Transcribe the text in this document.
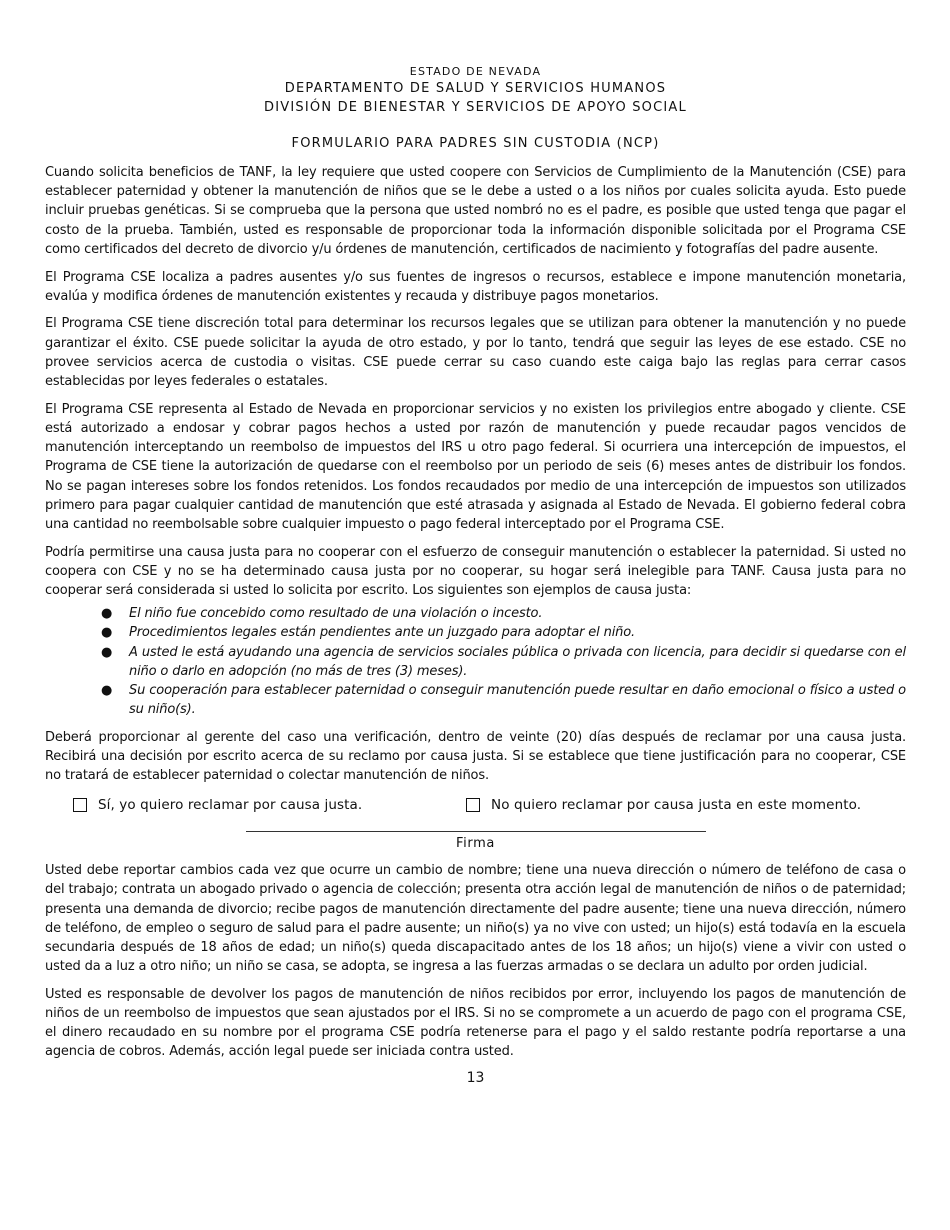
ESTADO DE NEVADA
DEPARTAMENTO DE SALUD Y SERVICIOS HUMANOS
DIVISIÓN DE BIENESTAR Y SERVICIOS DE APOYO SOCIAL
FORMULARIO PARA PADRES SIN CUSTODIA (NCP)

Cuando solicita beneficios de TANF, la ley requiere que usted coopere con Servicios de Cumplimiento de la Manutención (CSE) para establecer paternidad y obtener la manutención de niños que se le debe a usted o a los niños por cuales solicita ayuda. Esto puede incluir pruebas genéticas. Si se comprueba que la persona que usted nombró no es el padre, es posible que usted tenga que pagar el costo de la prueba. También, usted es responsable de proporcionar toda la información disponible solicitada por el Programa CSE como certificados del decreto de divorcio y/u órdenes de manutención, certificados de nacimiento y fotografías del padre ausente.

El Programa CSE localiza a padres ausentes y/o sus fuentes de ingresos o recursos, establece e impone manutención monetaria, evalúa y modifica órdenes de manutención existentes y recauda y distribuye pagos monetarios.

El Programa CSE tiene discreción total para determinar los recursos legales que se utilizan para obtener la manutención y no puede garantizar el éxito. CSE puede solicitar la ayuda de otro estado, y por lo tanto, tendrá que seguir las leyes de ese estado. CSE no provee servicios acerca de custodia o visitas. CSE puede cerrar su caso cuando este caiga bajo las reglas para cerrar casos establecidas por leyes federales o estatales.

El Programa CSE representa al Estado de Nevada en proporcionar servicios y no existen los privilegios entre abogado y cliente. CSE está autorizado a endosar y cobrar pagos hechos a usted por razón de manutención y puede recaudar pagos vencidos de manutención interceptando un reembolso de impuestos del IRS u otro pago federal. Si ocurriera una intercepción de impuestos, el Programa de CSE tiene la autorización de quedarse con el reembolso por un periodo de seis (6) meses antes de distribuir los fondos. No se pagan intereses sobre los fondos retenidos. Los fondos recaudados por medio de una intercepción de impuestos son utilizados primero para pagar cualquier cantidad de manutención que esté atrasada y asignada al Estado de Nevada. El gobierno federal cobra una cantidad no reembolsable sobre cualquier impuesto o pago federal interceptado por el Programa CSE.

Podría permitirse una causa justa para no cooperar con el esfuerzo de conseguir manutención o establecer la paternidad. Si usted no coopera con CSE y no se ha determinado causa justa por no cooperar, su hogar será inelegible para TANF. Causa justa para no cooperar será considerada si usted lo solicita por escrito. Los siguientes son ejemplos de causa justa:

● El niño fue concebido como resultado de una violación o incesto.
● Procedimientos legales están pendientes ante un juzgado para adoptar el niño.
● A usted le está ayudando una agencia de servicios sociales pública o privada con licencia, para decidir si quedarse con el niño o darlo en adopción (no más de tres (3) meses).
● Su cooperación para establecer paternidad o conseguir manutención puede resultar en daño emocional o físico a usted o su niño(s).

Deberá proporcionar al gerente del caso una verificación, dentro de veinte (20) días después de reclamar por una causa justa. Recibirá una decisión por escrito acerca de su reclamo por causa justa. Si se establece que tiene justificación para no cooperar, CSE no tratará de establecer paternidad o colectar manutención de niños.

Sí, yo quiero reclamar por causa justa.	No quiero reclamar por causa justa en este momento.
Firma

Usted debe reportar cambios cada vez que ocurre un cambio de nombre; tiene una nueva dirección o número de teléfono de casa o del trabajo; contrata un abogado privado o agencia de colección; presenta otra acción legal de manutención de niños o de paternidad; presenta una demanda de divorcio; recibe pagos de manutención directamente del padre ausente; tiene una nueva dirección, número de teléfono, de empleo o seguro de salud para el padre ausente; un niño(s) ya no vive con usted; un hijo(s) está todavía en la escuela secundaria después de 18 años de edad; un niño(s) queda discapacitado antes de los 18 años; un hijo(s) viene a vivir con usted o usted da a luz a otro niño; un niño se casa, se adopta, se ingresa a las fuerzas armadas o se declara un adulto por orden judicial.

Usted es responsable de devolver los pagos de manutención de niños recibidos por error, incluyendo los pagos de manutención de niños de un reembolso de impuestos que sean ajustados por el IRS. Si no se compromete a un acuerdo de pago con el programa CSE, el dinero recaudado en su nombre por el programa CSE podría retenerse para el pago y el saldo restante podría reportarse a una agencia de cobros. Además, acción legal puede ser iniciada contra usted.

13
